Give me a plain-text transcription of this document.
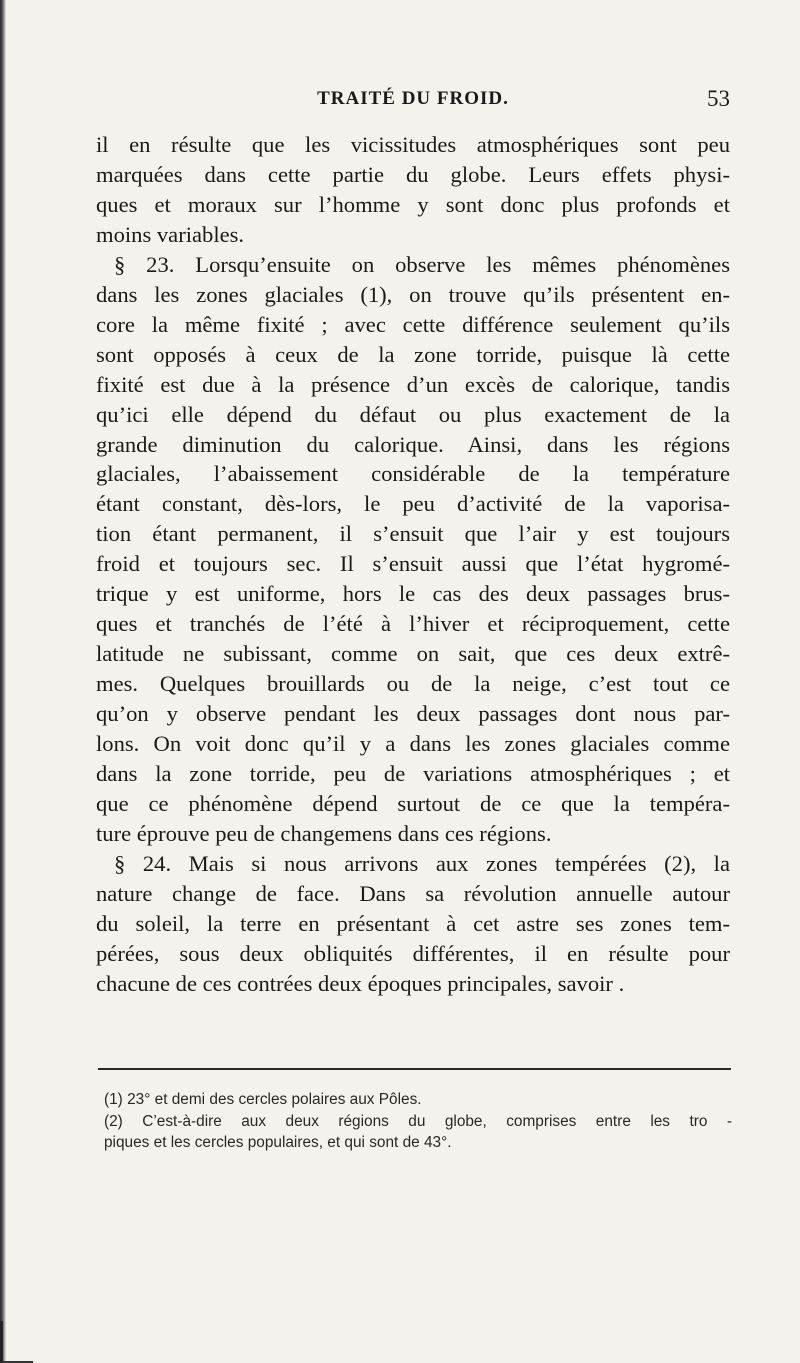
TRAITÉ DU FROID.	53
il en résulte que les vicissitudes atmosphériques sont peu
marquées dans cette partie du globe. Leurs effets physi-
ques et moraux sur l’homme y sont donc plus profonds et
moins variables.
§ 23. Lorsqu’ensuite on observe les mêmes phénomènes
dans les zones glaciales (1), on trouve qu’ils présentent en-
core la même fixité ; avec cette différence seulement qu’ils
sont opposés à ceux de la zone torride, puisque là cette
fixité est due à la présence d’un excès de calorique, tandis
qu’ici elle dépend du défaut ou plus exactement de la
grande diminution du calorique. Ainsi, dans les régions
glaciales, l’abaissement considérable de la température
étant constant, dès-lors, le peu d’activité de la vaporisa-
tion étant permanent, il s’ensuit que l’air y est toujours
froid et toujours sec. Il s’ensuit aussi que l’état hygromé-
trique y est uniforme, hors le cas des deux passages brus-
ques et tranchés de l’été à l’hiver et réciproquement, cette
latitude ne subissant, comme on sait, que ces deux extrê-
mes. Quelques brouillards ou de la neige, c’est tout ce
qu’on y observe pendant les deux passages dont nous par-
lons. On voit donc qu’il y a dans les zones glaciales comme
dans la zone torride, peu de variations atmosphériques ; et
que ce phénomène dépend surtout de ce que la tempéra-
ture éprouve peu de changemens dans ces régions.
§ 24. Mais si nous arrivons aux zones tempérées (2), la
nature change de face. Dans sa révolution annuelle autour
du soleil, la terre en présentant à cet astre ses zones tem-
pérées, sous deux obliquités différentes, il en résulte pour
chacune de ces contrées deux époques principales, savoir .
(1) 23° et demi des cercles polaires aux Pôles.
(2) C’est-à-dire aux deux régions du globe, comprises entre les tro -
piques et les cercles populaires, et qui sont de 43°.
